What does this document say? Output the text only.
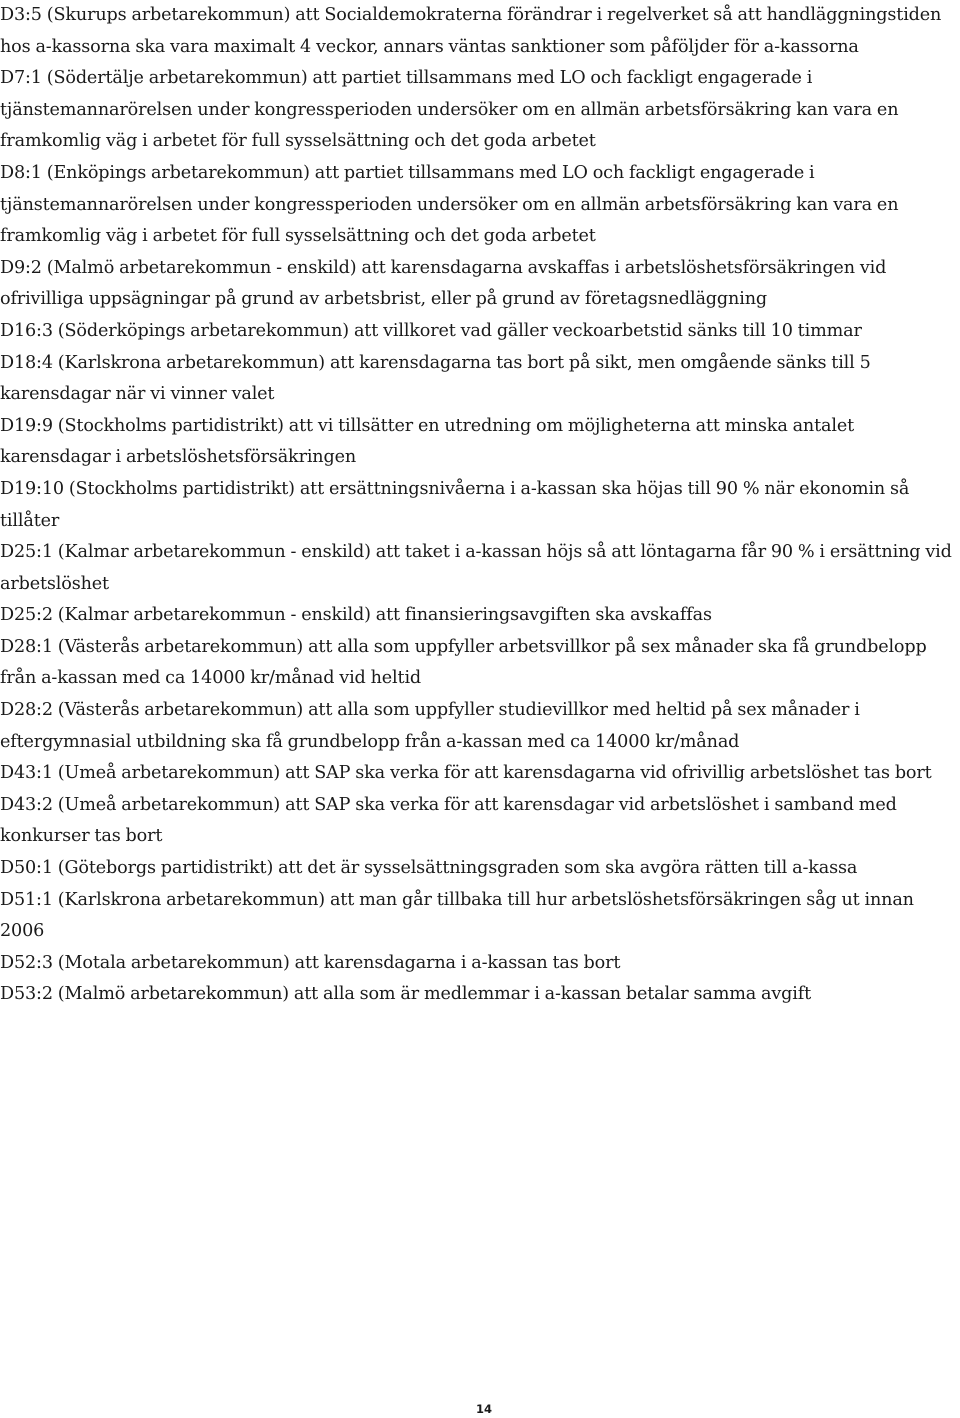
D3:5 (Skurups arbetarekommun) att Socialdemokraterna förändrar i regelverket så att handläggningstiden hos a-kassorna ska vara maximalt 4 veckor, annars väntas sanktioner som påföljder för a-kassorna

D7:1 (Södertälje arbetarekommun) att partiet tillsammans med LO och fackligt engagerade i tjänstemannarörelsen under kongressperioden undersöker om en allmän arbetsförsäkring kan vara en framkomlig väg i arbetet för full sysselsättning och det goda arbetet

D8:1 (Enköpings arbetarekommun) att partiet tillsammans med LO och fackligt engagerade i tjänstemannarörelsen under kongressperioden undersöker om en allmän arbetsförsäkring kan vara en framkomlig väg i arbetet för full sysselsättning och det goda arbetet

D9:2 (Malmö arbetarekommun - enskild) att karensdagarna avskaffas i arbetslöshetsförsäkringen vid ofrivilliga uppsägningar på grund av arbetsbrist, eller på grund av företagsnedläggning

D16:3 (Söderköpings arbetarekommun) att villkoret vad gäller veckoarbetstid sänks till 10 timmar

D18:4 (Karlskrona arbetarekommun) att karensdagarna tas bort på sikt, men omgående sänks till 5 karensdagar när vi vinner valet

D19:9 (Stockholms partidistrikt) att vi tillsätter en utredning om möjligheterna att minska antalet karensdagar i arbetslöshetsförsäkringen

D19:10 (Stockholms partidistrikt) att ersättningsnivåerna i a-kassan ska höjas till 90 % när ekonomin så tillåter

D25:1 (Kalmar arbetarekommun - enskild) att taket i a-kassan höjs så att löntagarna får 90 % i ersättning vid arbetslöshet

D25:2 (Kalmar arbetarekommun - enskild) att finansieringsavgiften ska avskaffas

D28:1 (Västerås arbetarekommun) att alla som uppfyller arbetsvillkor på sex månader ska få grundbelopp från a-kassan med ca 14000 kr/månad vid heltid

D28:2 (Västerås arbetarekommun) att alla som uppfyller studievillkor med heltid på sex månader i eftergymnasial utbildning ska få grundbelopp från a-kassan med ca 14000 kr/månad

D43:1 (Umeå arbetarekommun) att SAP ska verka för att karensdagarna vid ofrivillig arbetslöshet tas bort

D43:2 (Umeå arbetarekommun) att SAP ska verka för att karensdagar vid arbetslöshet i samband med konkurser tas bort

D50:1 (Göteborgs partidistrikt) att det är sysselsättningsgraden som ska avgöra rätten till a-kassa

D51:1 (Karlskrona arbetarekommun) att man går tillbaka till hur arbetslöshetsförsäkringen såg ut innan 2006

D52:3 (Motala arbetarekommun) att karensdagarna i a-kassan tas bort

D53:2 (Malmö arbetarekommun) att alla som är medlemmar i a-kassan betalar samma avgift

14
